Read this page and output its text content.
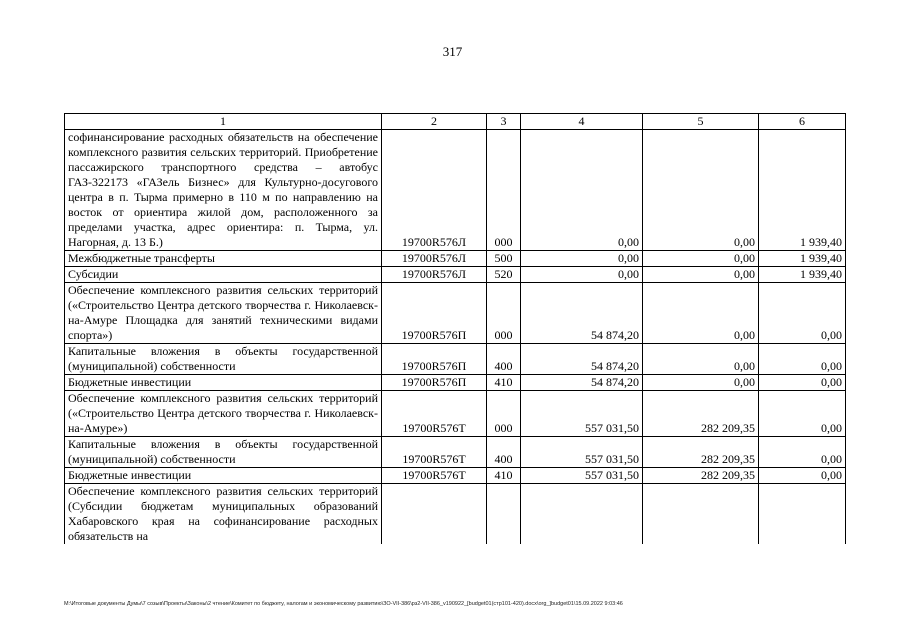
317
1	2	3	4	5	6
софинансирование расходных обязательств на обеспечение комплексного развития сельских территорий. Приобретение пассажирского транспортного средства – автобус ГАЗ-322173 «ГАЗель Бизнес» для Культурно-досугового центра в п. Тырма примерно в 110 м по направлению на восток от ориентира жилой дом, расположенного за пределами участка, адрес ориентира: п. Тырма, ул. Нагорная, д. 13 Б.)	19700R576Л	000	0,00	0,00	1 939,40
Межбюджетные трансферты	19700R576Л	500	0,00	0,00	1 939,40
Субсидии	19700R576Л	520	0,00	0,00	1 939,40
Обеспечение комплексного развития сельских территорий («Строительство Центра детского творчества г. Николаевск-на-Амуре Площадка для занятий техническими видами спорта»)	19700R576П	000	54 874,20	0,00	0,00
Капитальные вложения в объекты государственной (муниципальной) собственности	19700R576П	400	54 874,20	0,00	0,00
Бюджетные инвестиции	19700R576П	410	54 874,20	0,00	0,00
Обеспечение комплексного развития сельских территорий («Строительство Центра детского творчества г. Николаевск-на-Амуре»)	19700R576Т	000	557 031,50	282 209,35	0,00
Капитальные вложения в объекты государственной (муниципальной) собственности	19700R576Т	400	557 031,50	282 209,35	0,00
Бюджетные инвестиции	19700R576Т	410	557 031,50	282 209,35	0,00
Обеспечение комплексного развития сельских территорий (Субсидии бюджетам муниципальных образований Хабаровского края на софинансирование расходных обязательств на					
M:\Итоговые документы Думы\7 созыв\Проекты\Законы\2 чтение\Комитет по бюджету, налогам и экономическому развитию\ЗО-VII-386\рз2-VII-386_v190922_[budget01(стр101-420).docx\org_]budget01\15.09.2022 9:03:46
